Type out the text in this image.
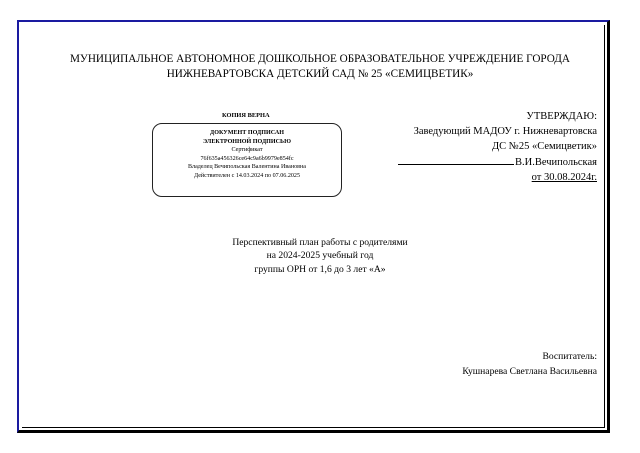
МУНИЦИПАЛЬНОЕ АВТОНОМНОЕ ДОШКОЛЬНОЕ ОБРАЗОВАТЕЛЬНОЕ УЧРЕЖДЕНИЕ ГОРОДА
НИЖНЕВАРТОВСКА ДЕТСКИЙ САД № 25 «СЕМИЦВЕТИК»
УТВЕРЖДАЮ:
Заведующий МАДОУ г. Нижневартовска
ДС №25 «Семицветик»
В.И.Вечипольская
от 30.08.2024г.
КОПИЯ ВЕРНА
ДОКУМЕНТ ПОДПИСАН
ЭЛЕКТРОННОЙ ПОДПИСЬЮ
Сертификат
76f635a456326ce64c9a6b9979e854fc
Владелец Вечипольская Валентина Ивановна
Действителен с 14.03.2024 по 07.06.2025
Перспективный план работы с родителями
на 2024-2025 учебный год
группы ОРН от 1,6 до 3 лет «А»
Воспитатель:
Кушнарева Светлана Васильевна
